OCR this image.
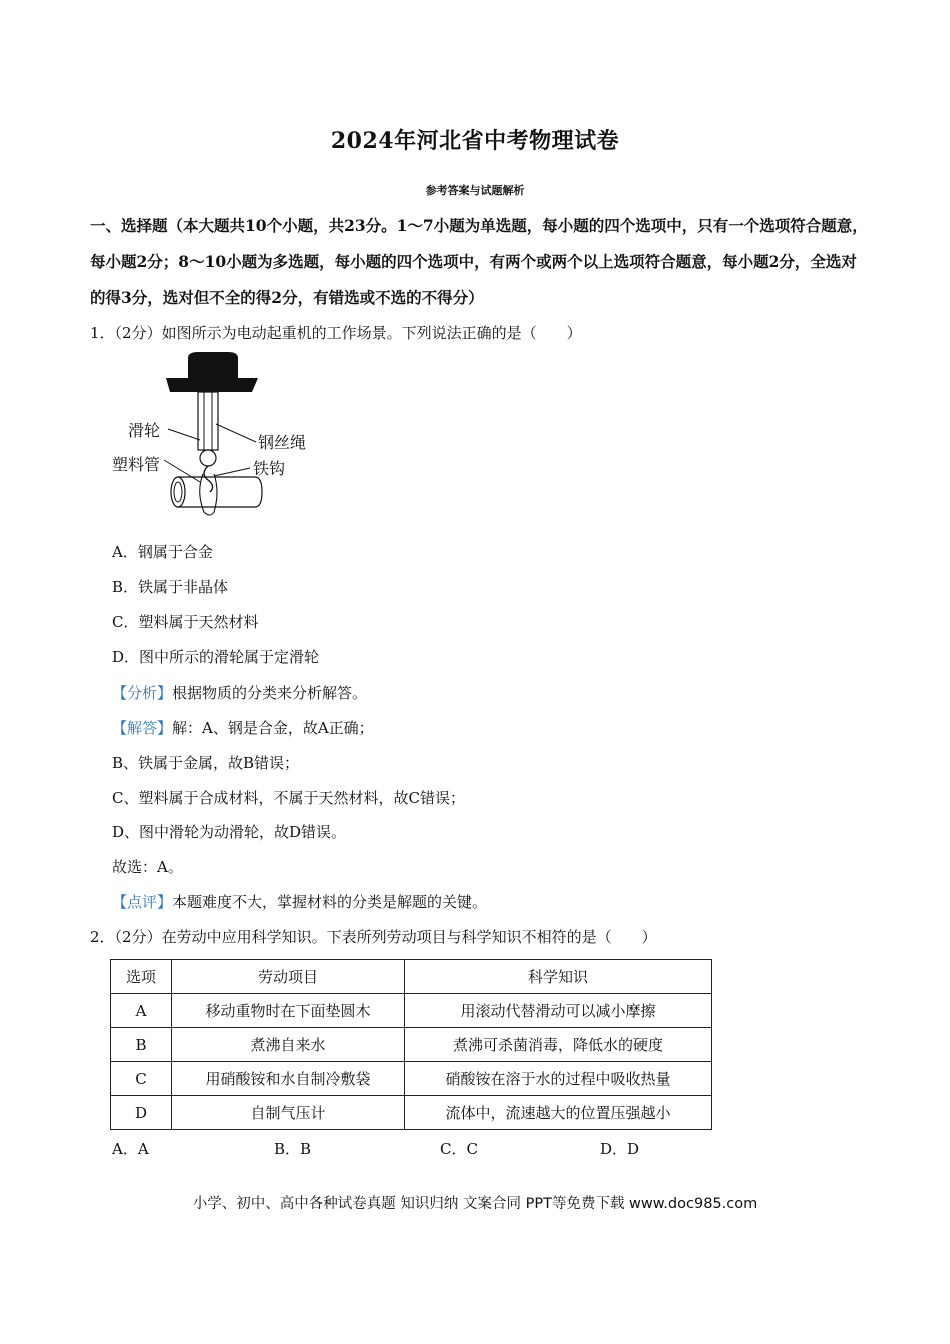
2024年河北省中考物理试卷
参考答案与试题解析
一、选择题（本大题共10个小题，共23分。1～7小题为单选题，每小题的四个选项中，只有一个选项符合题意，每小题2分；8～10小题为多选题，每小题的四个选项中，有两个或两个以上选项符合题意，每小题2分，全选对的得3分，选对但不全的得2分，有错选或不选的不得分）
1．（2分）如图所示为电动起重机的工作场景。下列说法正确的是（　　）
滑轮
钢丝绳
塑料管	铁钩
A．钢属于合金
B．铁属于非晶体
C．塑料属于天然材料
D．图中所示的滑轮属于定滑轮
【分析】根据物质的分类来分析解答。
【解答】解：A、钢是合金，故A正确；
B、铁属于金属，故B错误；
C、塑料属于合成材料，不属于天然材料，故C错误；
D、图中滑轮为动滑轮，故D错误。
故选：A。
【点评】本题难度不大，掌握材料的分类是解题的关键。
2．（2分）在劳动中应用科学知识。下表所列劳动项目与科学知识不相符的是（　　）
选项	劳动项目	科学知识
A	移动重物时在下面垫圆木	用滚动代替滑动可以减小摩擦
B	煮沸自来水	煮沸可杀菌消毒，降低水的硬度
C	用硝酸铵和水自制冷敷袋	硝酸铵在溶于水的过程中吸收热量
D	自制气压计	流体中，流速越大的位置压强越小
A．A	B．B	C．C	D．D
小学、初中、高中各种试卷真题 知识归纳 文案合同 PPT等免费下载 www.doc985.com
